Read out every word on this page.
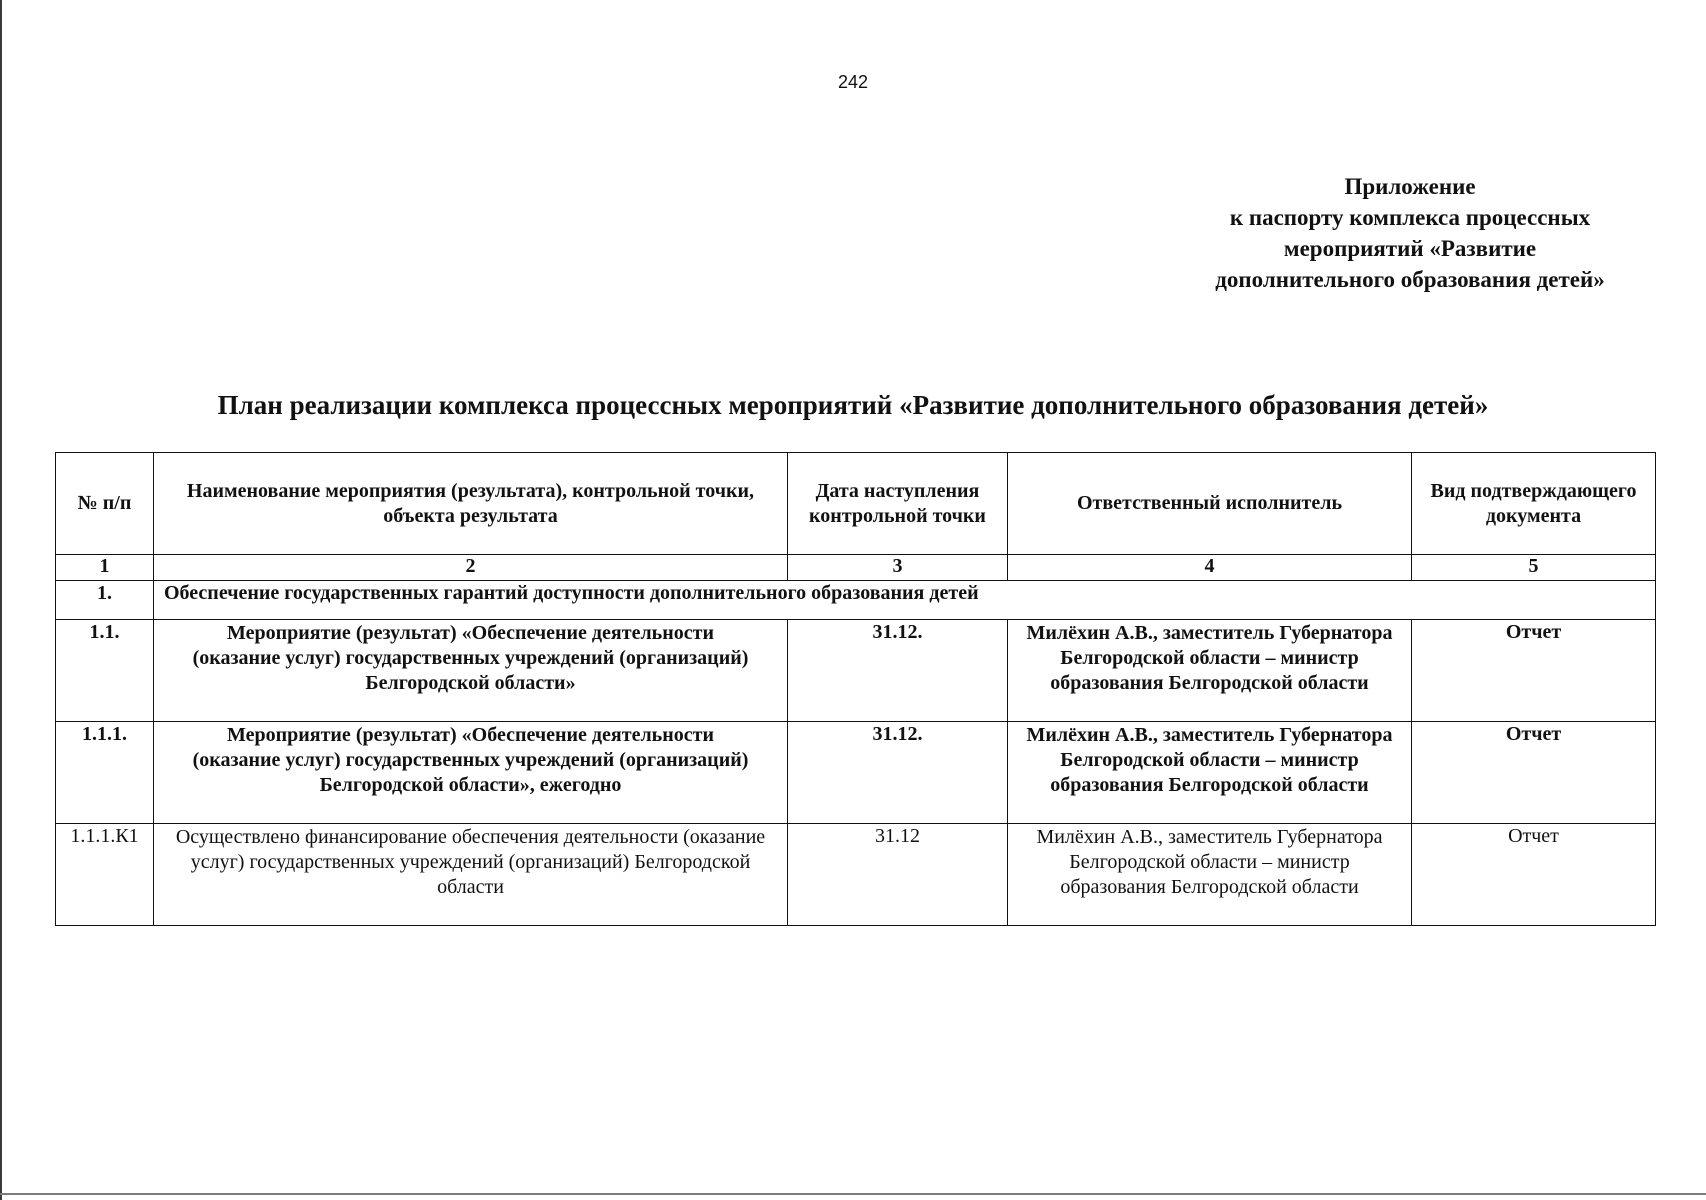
242
Приложение
к паспорту комплекса процессных
мероприятий «Развитие
дополнительного образования детей»
План реализации комплекса процессных мероприятий «Развитие дополнительного образования детей»
№ п/п	Наименование мероприятия (результата), контрольной точки, объекта результата	Дата наступления контрольной точки	Ответственный исполнитель	Вид подтверждающего документа
1	2	3	4	5
1.	Обеспечение государственных гарантий доступности дополнительного образования детей			
1.1.	Мероприятие (результат) «Обеспечение деятельности (оказание услуг) государственных учреждений (организаций) Белгородской области»	31.12.	Милёхин А.В., заместитель Губернатора Белгородской области – министр образования Белгородской области	Отчет
1.1.1.	Мероприятие (результат) «Обеспечение деятельности (оказание услуг) государственных учреждений (организаций) Белгородской области», ежегодно	31.12.	Милёхин А.В., заместитель Губернатора Белгородской области – министр образования Белгородской области	Отчет
1.1.1.К1	Осуществлено финансирование обеспечения деятельности (оказание услуг) государственных учреждений (организаций) Белгородской области	31.12	Милёхин А.В., заместитель Губернатора Белгородской области – министр образования Белгородской области	Отчет
